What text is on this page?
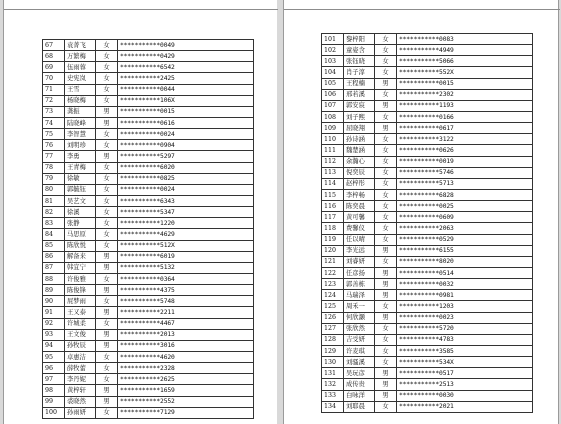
67	袁菁飞	女	***********0049
68	万繁梅	女	***********0429
69	伍雨蓉	女	***********6542
70	史宪岚	女	***********2425
71	王雪	女	***********0044
72	杨晓梅	女	***********106X
73	龚振	男	***********0015
74	陆晓峰	男	***********0616
75	李智慧	女	***********0024
76	刘明珍	女	***********0904
77	李勇	男	***********5297
78	王青梅	女	***********6020
79	徐敏	女	***********0825
80	郭毓钰	女	***********0024
81	吴艺文	女	***********6343
82	徐溪	女	***********5347
83	张静	女	***********1220
84	马思原	女	***********4629
85	陈欣悦	女	***********512X
86	解备来	男	***********6019
87	韩宜宁	男	***********5132
88	许俊雅	女	***********0364
89	陈俊锋	男	***********4375
90	屁梦雨	女	***********5748
91	王又泰	男	***********2211
92	许城柔	女	***********4467
93	王文俊	男	***********2013
94	孙牧辰	男	***********3016
95	卓惠洁	女	***********4620
96	薛牧蕾	女	***********2328
97	李丹妮	女	***********2625
98	黄梓轩	男	***********1659
99	裘晓然	男	***********2552
100	孙雨妍	女	***********7129
101	黎梓阳	女	***********0083
102	童姿含	女	***********4949
103	张钰晓	女	***********5066
104	肖子淳	女	***********552X
105	王程楠	男	***********0015
106	邢若溪	女	***********2302
107	郭安宸	男	***********1193
108	刘子熙	女	***********0166
109	屈晓翔	男	***********0617
110	孙诗涵	女	***********3122
111	魏楚涵	女	***********0626
112	余瀚心	女	***********0019
113	倪奕辰	女	***********5746
114	赵梓彤	女	***********5713
115	李梓畅	女	***********6828
116	陈奕晨	女	***********0025
117	黄可馨	女	***********0609
118	费馨仪	女	***********2063
119	任以晴	女	***********0529
120	李光远	男	***********6155
121	刘睿妍	女	***********8020
122	任彦扬	男	***********0514
123	郭善栋	男	***********0032
124	马瑞泽	男	***********0981
125	周禾一	女	***********1203
126	何欣灏	男	***********0023
127	张欣然	女	***********5720
128	吉受妍	女	***********4783
129	许麦琪	女	***********3585
130	刘骚溪	女	***********534X
131	吴玩彦	男	***********0517
132	成传贵	男	***********2513
133	白咏洋	男	***********0030
134	刘耶晨	女	***********2021
